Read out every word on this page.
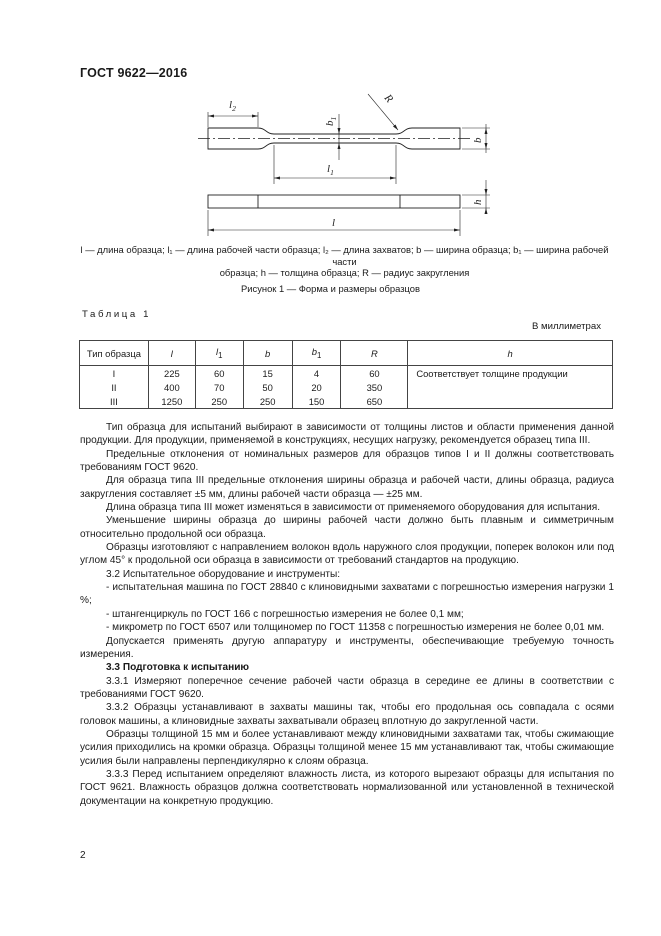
ГОСТ 9622—2016
$l_2$
R
$b_1$
b
$l_1$
h
l
l — длина образца; l₁ — длина рабочей части образца; l₂ — длина захватов; b — ширина образца; b₁ — ширина рабочей части
образца; h — толщина образца; R — радиус закругления
Рисунок 1 — Форма и размеры образцов
Таблица 1
В миллиметрах
Тип образца	l	$l_1$	b	$b_1$	R	h
I	225	60	15	4	60	Соответствует толщине продукции
II	400	70	50	20	350	
III	1250	250	250	150	650	

Тип образца для испытаний выбирают в зависимости от толщины листов и области применения данной продукции. Для продукции, применяемой в конструкциях, несущих нагрузку, рекомендуется образец типа III.

Предельные отклонения от номинальных размеров для образцов типов I и II должны соответствовать требованиям ГОСТ 9620.

Для образца типа III предельные отклонения ширины образца и рабочей части, длины образца, радиуса закругления составляет ±5 мм, длины рабочей части образца — ±25 мм.

Длина образца типа III может изменяться в зависимости от применяемого оборудования для испытания.

Уменьшение ширины образца до ширины рабочей части должно быть плавным и симметричным относительно продольной оси образца.

Образцы изготовляют с направлением волокон вдоль наружного слоя продукции, поперек волокон или под углом 45° к продольной оси образца в зависимости от требований стандартов на продукцию.

3.2 Испытательное оборудование и инструменты:

- испытательная машина по ГОСТ 28840 с клиновидными захватами с погрешностью измерения нагрузки 1 %;

- штангенциркуль по ГОСТ 166 с погрешностью измерения не более 0,1 мм;

- микрометр по ГОСТ 6507 или толщиномер по ГОСТ 11358 с погрешностью измерения не более 0,01 мм.

Допускается применять другую аппаратуру и инструменты, обеспечивающие требуемую точность измерения.

3.3 Подготовка к испытанию

3.3.1 Измеряют поперечное сечение рабочей части образца в середине ее длины в соответствии с требованиями ГОСТ 9620.

3.3.2 Образцы устанавливают в захваты машины так, чтобы его продольная ось совпадала с осями головок машины, а клиновидные захваты захватывали образец вплотную до закругленной части.

Образцы толщиной 15 мм и более устанавливают между клиновидными захватами так, чтобы сжимающие усилия приходились на кромки образца. Образцы толщиной менее 15 мм устанавливают так, чтобы сжимающие усилия были направлены перпендикулярно к слоям образца.

3.3.3 Перед испытанием определяют влажность листа, из которого вырезают образцы для испытания по ГОСТ 9621. Влажность образцов должна соответствовать нормализованной или установленной в технической документации на конкретную продукцию.

2
